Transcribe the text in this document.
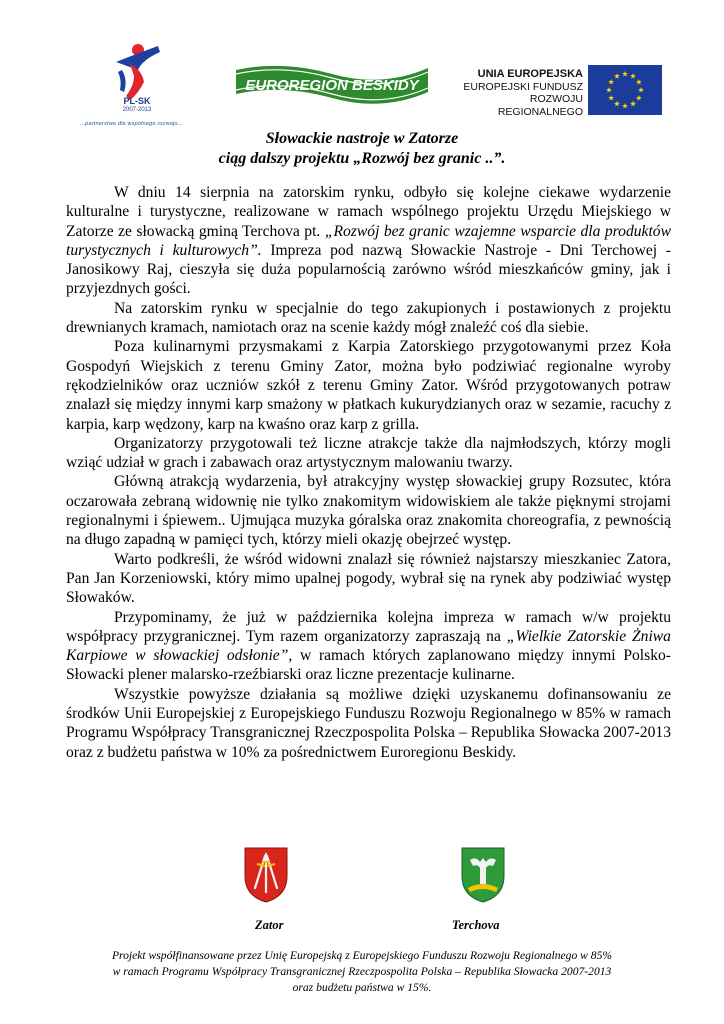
PL-SK
2007-2013
...partnerstwo dla wspólnego rozwoju...
EUROREGION BESKIDY
UNIA EUROPEJSKA
EUROPEJSKI FUNDUSZ
ROZWOJU REGIONALNEGO
Słowackie nastroje w Zatorze
ciąg dalszy projektu „Rozwój bez granic ..”.

W dniu 14 sierpnia na zatorskim rynku, odbyło się kolejne ciekawe wydarzenie kulturalne i turystyczne, realizowane w ramach wspólnego projektu Urzędu Miejskiego w Zatorze ze słowacką gminą Terchova pt. „Rozwój bez granic wzajemne wsparcie dla produktów turystycznych i kulturowych”. Impreza pod nazwą Słowackie Nastroje - Dni Terchowej - Janosikowy Raj, cieszyła się duża popularnością zarówno wśród mieszkańców gminy, jak i przyjezdnych gości.

Na zatorskim rynku w specjalnie do tego zakupionych i postawionych z projektu drewnianych kramach, namiotach oraz na scenie każdy mógł znaleźć coś dla siebie.

Poza kulinarnymi przysmakami z Karpia Zatorskiego przygotowanymi przez Koła Gospodyń Wiejskich z terenu Gminy Zator, można było podziwiać regionalne wyroby rękodzielników oraz uczniów szkół z terenu Gminy Zator. Wśród przygotowanych potraw znalazł się między innymi karp smażony w płatkach kukurydzianych oraz w sezamie, racuchy z karpia, karp wędzony, karp na kwaśno oraz karp z grilla.

Organizatorzy przygotowali też liczne atrakcje także dla najmłodszych, którzy mogli wziąć udział w grach i zabawach oraz artystycznym malowaniu twarzy.

Główną atrakcją wydarzenia, był atrakcyjny występ słowackiej grupy Rozsutec, która oczarowała zebraną widownię nie tylko znakomitym widowiskiem ale także pięknymi strojami regionalnymi i śpiewem.. Ujmująca muzyka góralska oraz znakomita choreografia, z pewnością na długo zapadną w pamięci tych, którzy mieli okazję obejrzeć występ.

Warto podkreśli, że wśród widowni znalazł się również najstarszy mieszkaniec Zatora, Pan Jan Korzeniowski, który mimo upalnej pogody, wybrał się na rynek aby podziwiać występ Słowaków.

Przypominamy, że już w października kolejna impreza w ramach w/w projektu współpracy przygranicznej. Tym razem organizatorzy zapraszają na „Wielkie Zatorskie Żniwa Karpiowe w słowackiej odsłonie”, w ramach których zaplanowano między innymi Polsko-Słowacki plener malarsko-rzeźbiarski oraz liczne prezentacje kulinarne.

Wszystkie powyższe działania są możliwe dzięki uzyskanemu dofinansowaniu ze środków Unii Europejskiej z Europejskiego Funduszu Rozwoju Regionalnego w 85% w ramach Programu Współpracy Transgranicznej Rzeczpospolita Polska – Republika Słowacka 2007-2013 oraz z budżetu państwa w 10% za pośrednictwem Euroregionu Beskidy.

Zator	Terchova
Projekt współfinansowane przez Unię Europejską z Europejskiego Funduszu Rozwoju Regionalnego w 85%
w ramach Programu Współpracy Transgranicznej Rzeczpospolita Polska – Republika Słowacka 2007-2013
oraz budżetu państwa w 15%.
